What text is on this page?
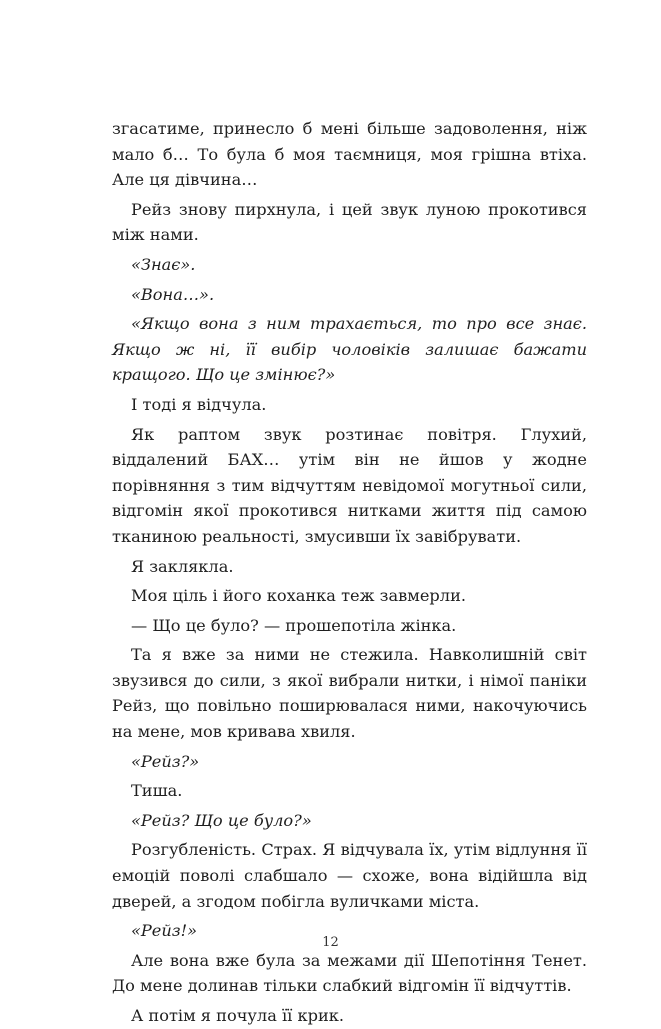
згасатиме, принесло б мені більше задоволення, ніж мало б… То була б моя таємниця, моя грішна втіха. Але ця дівчина…

Рейз знову пирхнула, і цей звук луною прокотився між нами.

«Знає».

«Вона…».

«Якщо вона з ним трахається, то про все знає. Якщо ж ні, її вибір чоловіків залишає бажати кращого. Що це змінює?»

І тоді я відчула.

Як раптом звук розтинає повітря. Глухий, віддалений БАХ… утім він не йшов у жодне порівняння з тим відчуттям невідомої могутньої сили, відгомін якої прокотився нитками життя під самою тканиною реальності, змусивши їх завібрувати.

Я заклякла.

Моя ціль і його коханка теж завмерли.

— Що це було? — прошепотіла жінка.

Та я вже за ними не стежила. Навколишній світ звузився до сили, з якої вибрали нитки, і німої паніки Рейз, що повільно поширювалася ними, накочуючись на мене, мов кривава хвиля.

«Рейз?»

Тиша.

«Рейз? Що це було?»

Розгубленість. Страх. Я відчувала їх, утім відлуння її емоцій поволі слабшало — схоже, вона відійшла від дверей, а згодом побігла вуличками міста.

«Рейз!»

Але вона вже була за межами дії Шепотіння Тенет. До мене долинав тільки слабкий відгомін її відчуттів.

А потім я почула її крик.

12
